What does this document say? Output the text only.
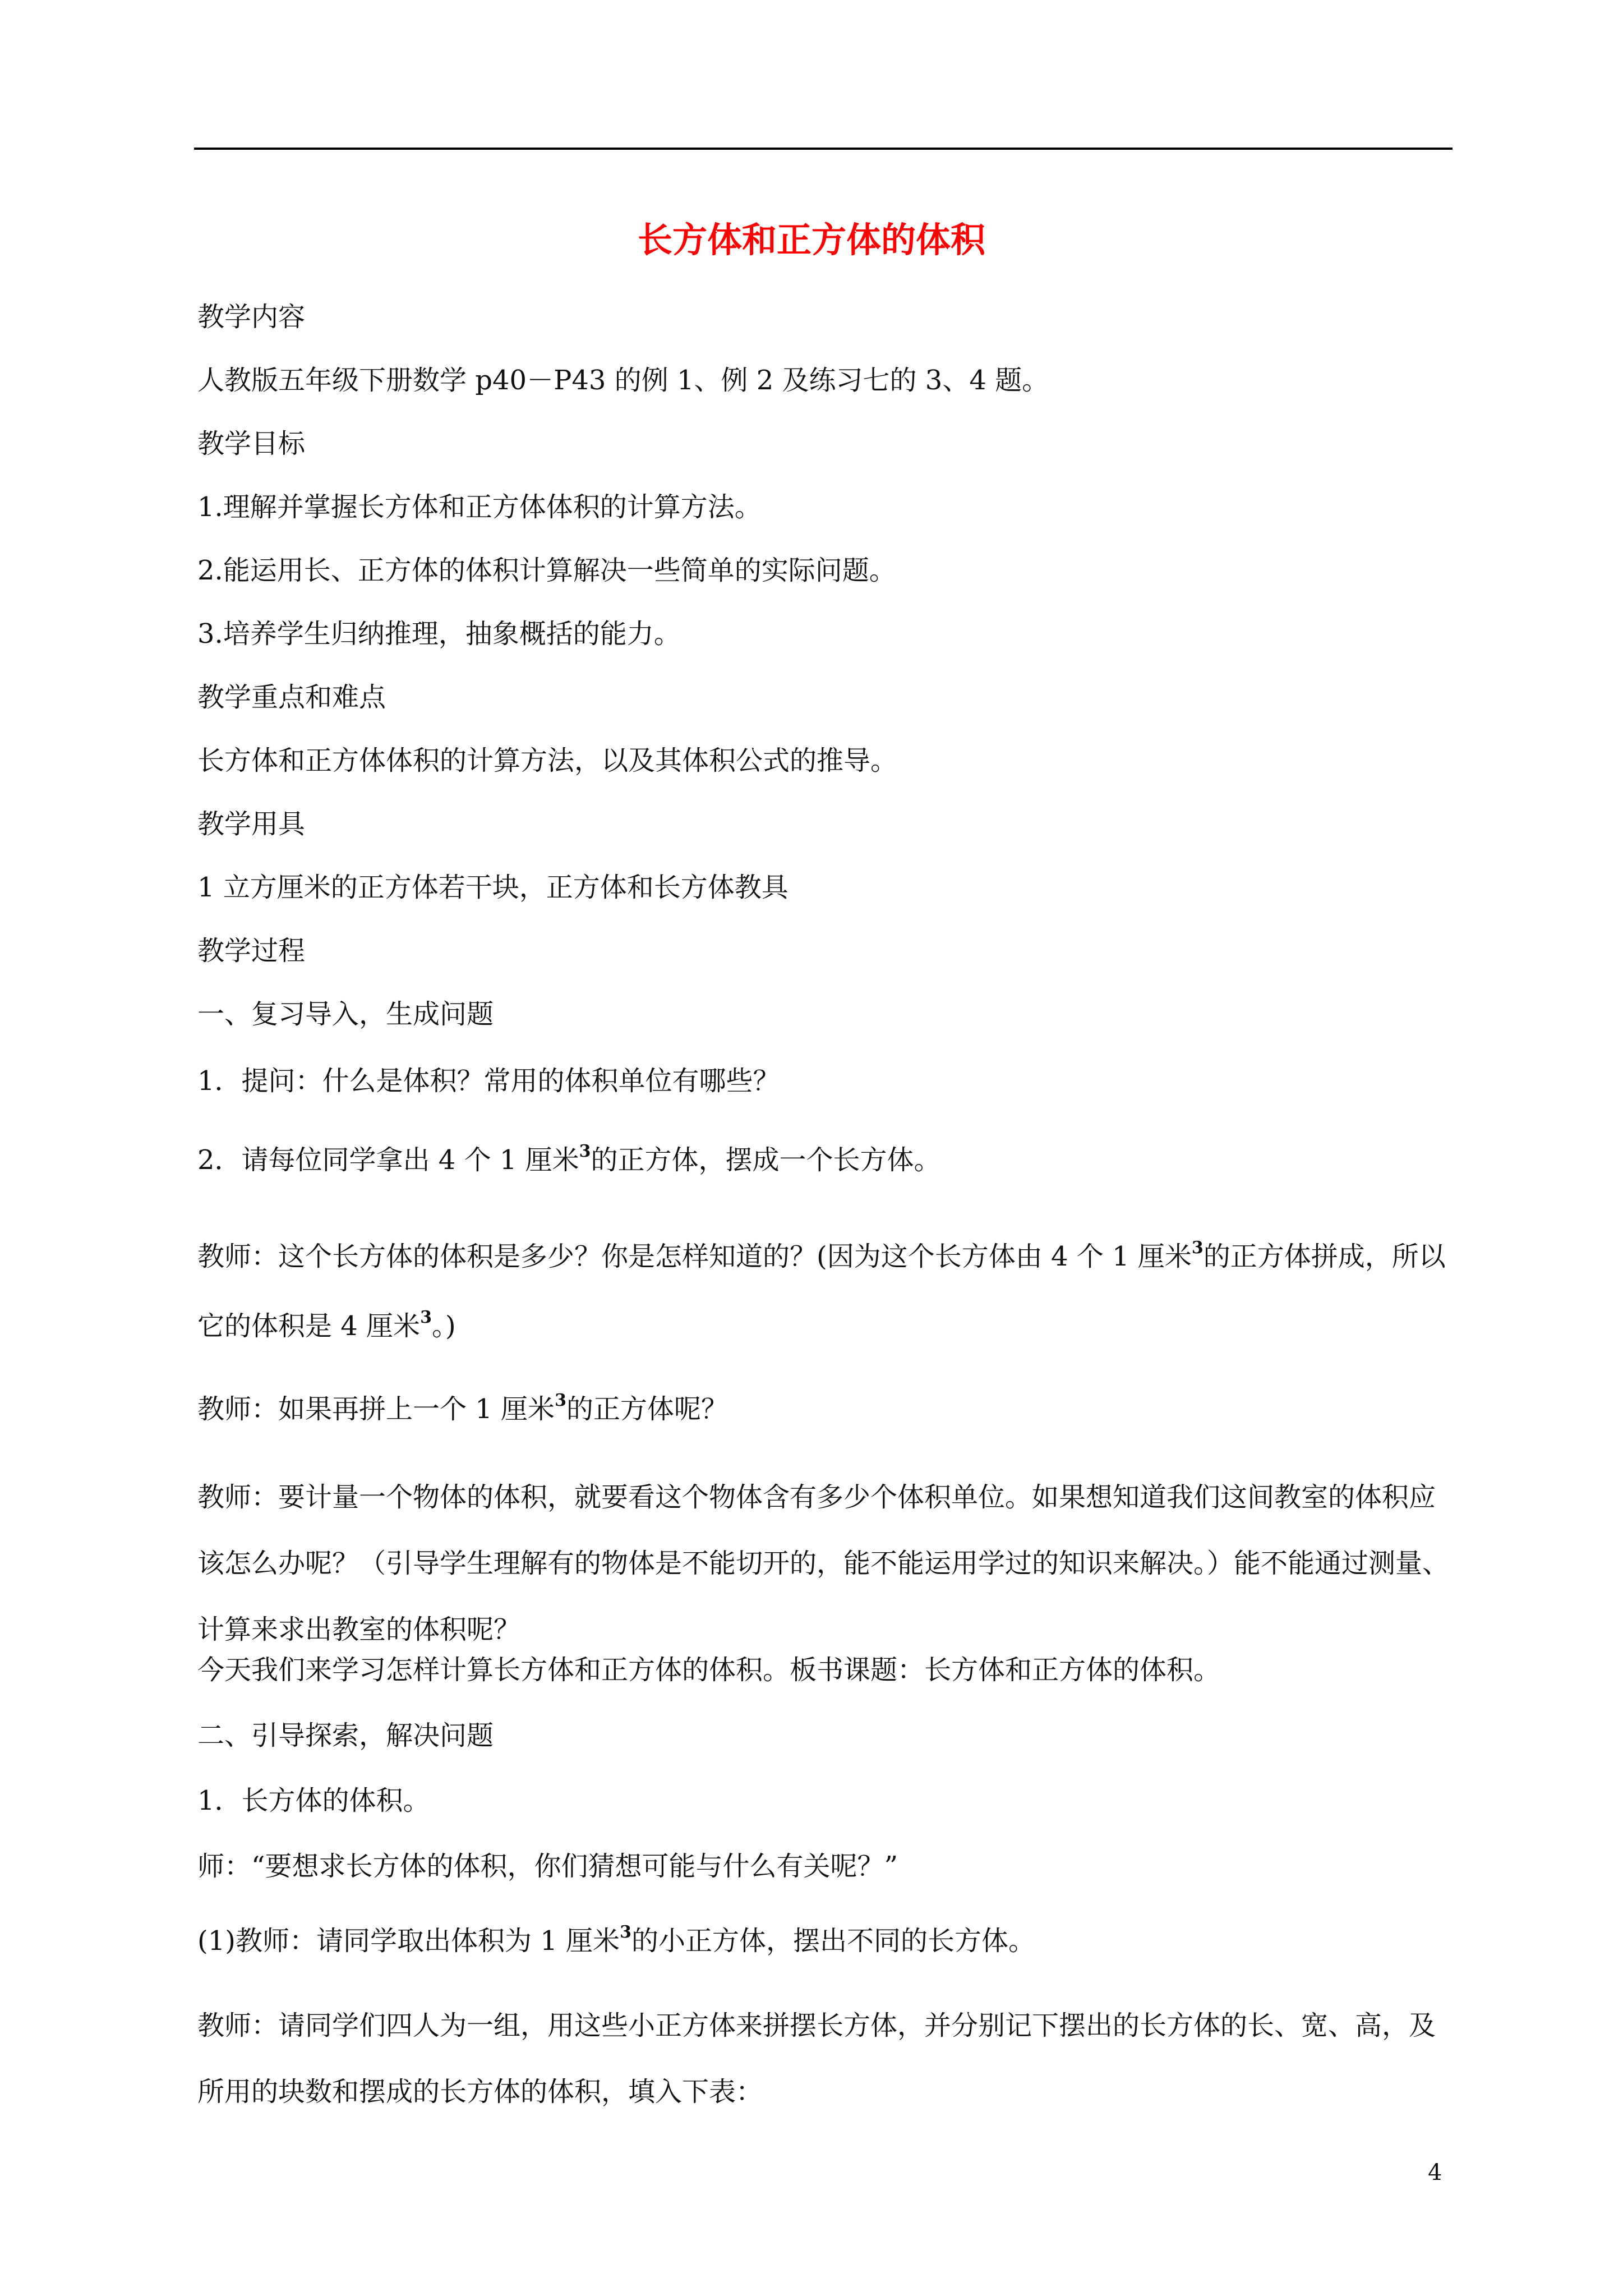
长方体和正方体的体积
教学内容
人教版五年级下册数学 p40－P43 的例 1、例 2 及练习七的 3、4 题。
教学目标
1.理解并掌握长方体和正方体体积的计算方法。
2.能运用长、正方体的体积计算解决一些简单的实际问题。
3.培养学生归纳推理，抽象概括的能力。
教学重点和难点
长方体和正方体体积的计算方法，以及其体积公式的推导。
教学用具
1 立方厘米的正方体若干块，正方体和长方体教具
教学过程
一、复习导入，生成问题
1．提问：什么是体积？常用的体积单位有哪些？
2．请每位同学拿出 4 个 1 厘米$^3$的正方体，摆成一个长方体。
教师：这个长方体的体积是多少？你是怎样知道的？(因为这个长方体由 4 个 1 厘米$^3$的正方体拼成，所以它的体积是 4 厘米$^3$。)
教师：如果再拼上一个 1 厘米$^3$的正方体呢？
教师：要计量一个物体的体积，就要看这个物体含有多少个体积单位。如果想知道我们这间教室的体积应该怎么办呢？（引导学生理解有的物体是不能切开的，能不能运用学过的知识来解决。）能不能通过测量、计算来求出教室的体积呢？
今天我们来学习怎样计算长方体和正方体的体积。板书课题：长方体和正方体的体积。
二、引导探索，解决问题
1．长方体的体积。
师：“要想求长方体的体积，你们猜想可能与什么有关呢？”
(1)教师：请同学取出体积为 1 厘米$^3$的小正方体，摆出不同的长方体。
教师：请同学们四人为一组，用这些小正方体来拼摆长方体，并分别记下摆出的长方体的长、宽、高，及所用的块数和摆成的长方体的体积，填入下表：
4
